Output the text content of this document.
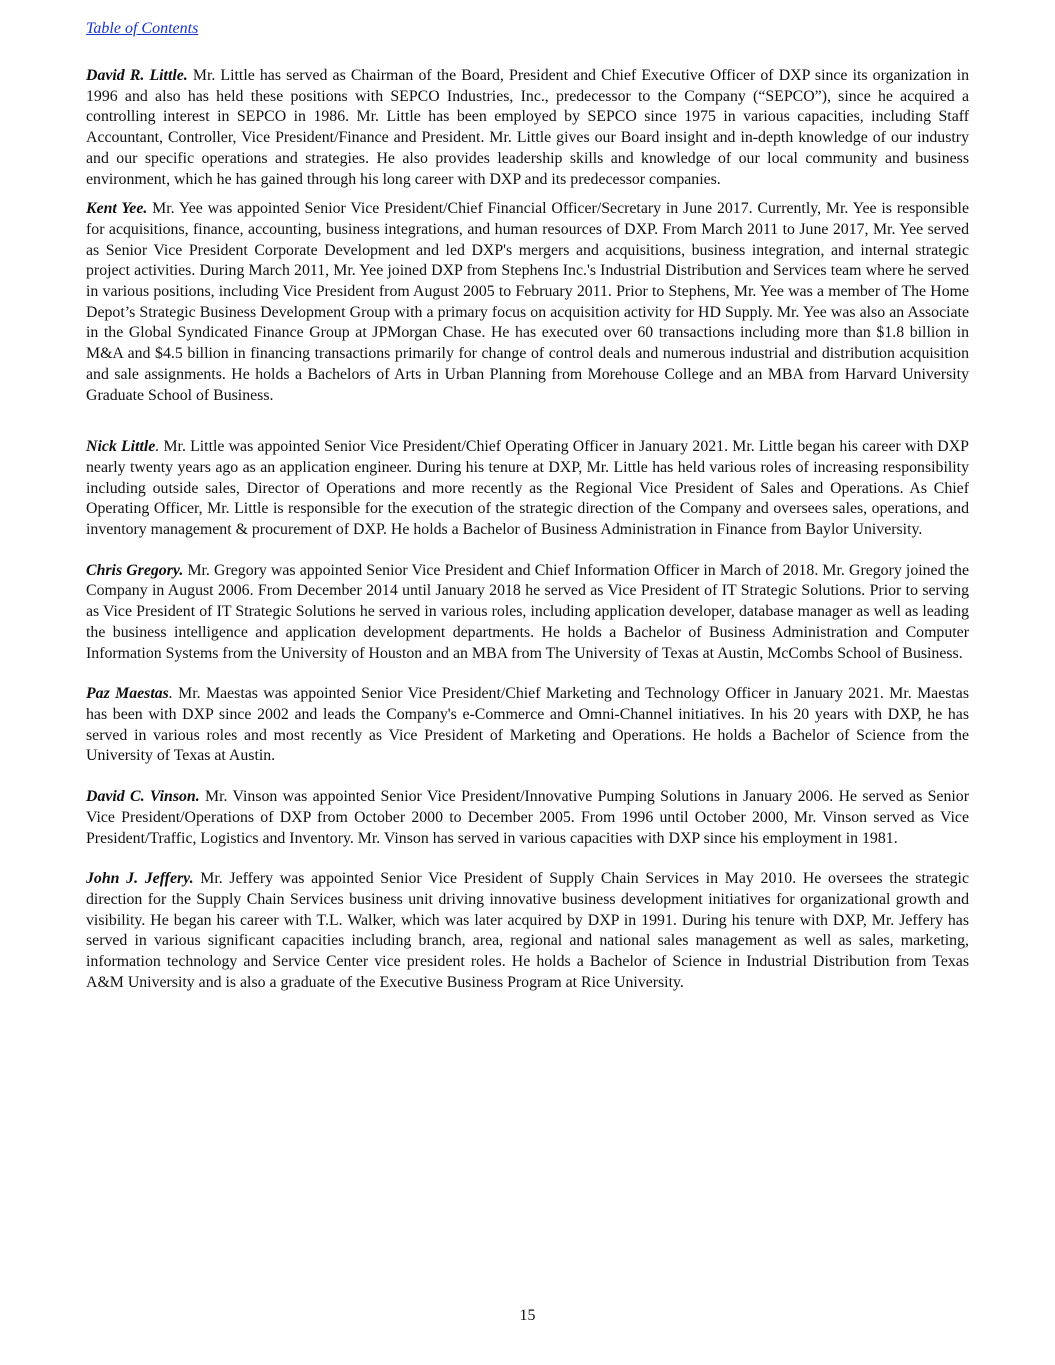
Table of Contents

David R. Little. Mr. Little has served as Chairman of the Board, President and Chief Executive Officer of DXP since its organization in 1996 and also has held these positions with SEPCO Industries, Inc., predecessor to the Company (“SEPCO”), since he acquired a controlling interest in SEPCO in 1986. Mr. Little has been employed by SEPCO since 1975 in various capacities, including Staff Accountant, Controller, Vice President/Finance and President. Mr. Little gives our Board insight and in-depth knowledge of our industry and our specific operations and strategies. He also provides leadership skills and knowledge of our local community and business environment, which he has gained through his long career with DXP and its predecessor companies.

Kent Yee. Mr. Yee was appointed Senior Vice President/Chief Financial Officer/Secretary in June 2017. Currently, Mr. Yee is responsible for acquisitions, finance, accounting, business integrations, and human resources of DXP. From March 2011 to June 2017, Mr. Yee served as Senior Vice President Corporate Development and led DXP's mergers and acquisitions, business integration, and internal strategic project activities. During March 2011, Mr. Yee joined DXP from Stephens Inc.'s Industrial Distribution and Services team where he served in various positions, including Vice President from August 2005 to February 2011. Prior to Stephens, Mr. Yee was a member of The Home Depot’s Strategic Business Development Group with a primary focus on acquisition activity for HD Supply. Mr. Yee was also an Associate in the Global Syndicated Finance Group at JPMorgan Chase. He has executed over 60 transactions including more than $1.8 billion in M&A and $4.5 billion in financing transactions primarily for change of control deals and numerous industrial and distribution acquisition and sale assignments. He holds a Bachelors of Arts in Urban Planning from Morehouse College and an MBA from Harvard University Graduate School of Business.

Nick Little. Mr. Little was appointed Senior Vice President/Chief Operating Officer in January 2021. Mr. Little began his career with DXP nearly twenty years ago as an application engineer. During his tenure at DXP, Mr. Little has held various roles of increasing responsibility including outside sales, Director of Operations and more recently as the Regional Vice President of Sales and Operations. As Chief Operating Officer, Mr. Little is responsible for the execution of the strategic direction of the Company and oversees sales, operations, and inventory management & procurement of DXP. He holds a Bachelor of Business Administration in Finance from Baylor University.

Chris Gregory. Mr. Gregory was appointed Senior Vice President and Chief Information Officer in March of 2018. Mr. Gregory joined the Company in August 2006. From December 2014 until January 2018 he served as Vice President of IT Strategic Solutions. Prior to serving as Vice President of IT Strategic Solutions he served in various roles, including application developer, database manager as well as leading the business intelligence and application development departments. He holds a Bachelor of Business Administration and Computer Information Systems from the University of Houston and an MBA from The University of Texas at Austin, McCombs School of Business.

Paz Maestas. Mr. Maestas was appointed Senior Vice President/Chief Marketing and Technology Officer in January 2021. Mr. Maestas has been with DXP since 2002 and leads the Company's e-Commerce and Omni-Channel initiatives. In his 20 years with DXP, he has served in various roles and most recently as Vice President of Marketing and Operations. He holds a Bachelor of Science from the University of Texas at Austin.

David C. Vinson. Mr. Vinson was appointed Senior Vice President/Innovative Pumping Solutions in January 2006. He served as Senior Vice President/Operations of DXP from October 2000 to December 2005. From 1996 until October 2000, Mr. Vinson served as Vice President/Traffic, Logistics and Inventory. Mr. Vinson has served in various capacities with DXP since his employment in 1981.

John J. Jeffery. Mr. Jeffery was appointed Senior Vice President of Supply Chain Services in May 2010. He oversees the strategic direction for the Supply Chain Services business unit driving innovative business development initiatives for organizational growth and visibility. He began his career with T.L. Walker, which was later acquired by DXP in 1991. During his tenure with DXP, Mr. Jeffery has served in various significant capacities including branch, area, regional and national sales management as well as sales, marketing, information technology and Service Center vice president roles. He holds a Bachelor of Science in Industrial Distribution from Texas A&M University and is also a graduate of the Executive Business Program at Rice University.

15
